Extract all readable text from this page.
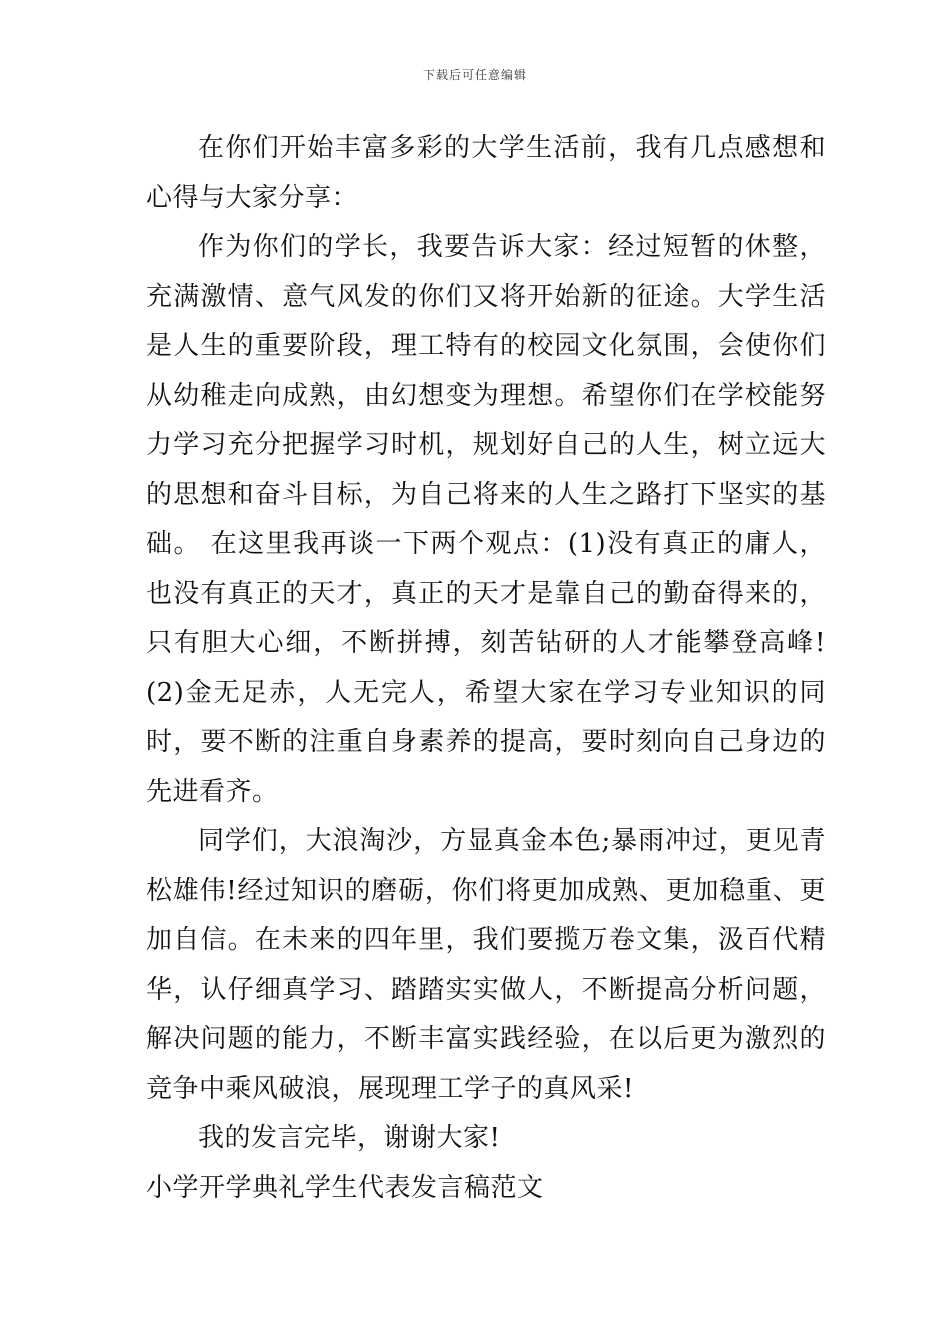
下载后可任意编辑

在你们开始丰富多彩的大学生活前，我有几点感想和心得与大家分享：

作为你们的学长，我要告诉大家：经过短暂的休整，充满激情、意气风发的你们又将开始新的征途。大学生活是人生的重要阶段，理工特有的校园文化氛围，会使你们从幼稚走向成熟，由幻想变为理想。希望你们在学校能努力学习充分把握学习时机，规划好自己的人生，树立远大的思想和奋斗目标，为自己将来的人生之路打下坚实的基础。 在这里我再谈一下两个观点：(1)没有真正的庸人，也没有真正的天才，真正的天才是靠自己的勤奋得来的，只有胆大心细，不断拼搏，刻苦钻研的人才能攀登高峰!(2)金无足赤，人无完人，希望大家在学习专业知识的同时，要不断的注重自身素养的提高，要时刻向自己身边的先进看齐。

同学们，大浪淘沙，方显真金本色;暴雨冲过，更见青松雄伟!经过知识的磨砺，你们将更加成熟、更加稳重、更加自信。在未来的四年里，我们要揽万卷文集，汲百代精华，认仔细真学习、踏踏实实做人，不断提高分析问题，解决问题的能力，不断丰富实践经验，在以后更为激烈的竞争中乘风破浪，展现理工学子的真风采!

我的发言完毕，谢谢大家!

小学开学典礼学生代表发言稿范文
